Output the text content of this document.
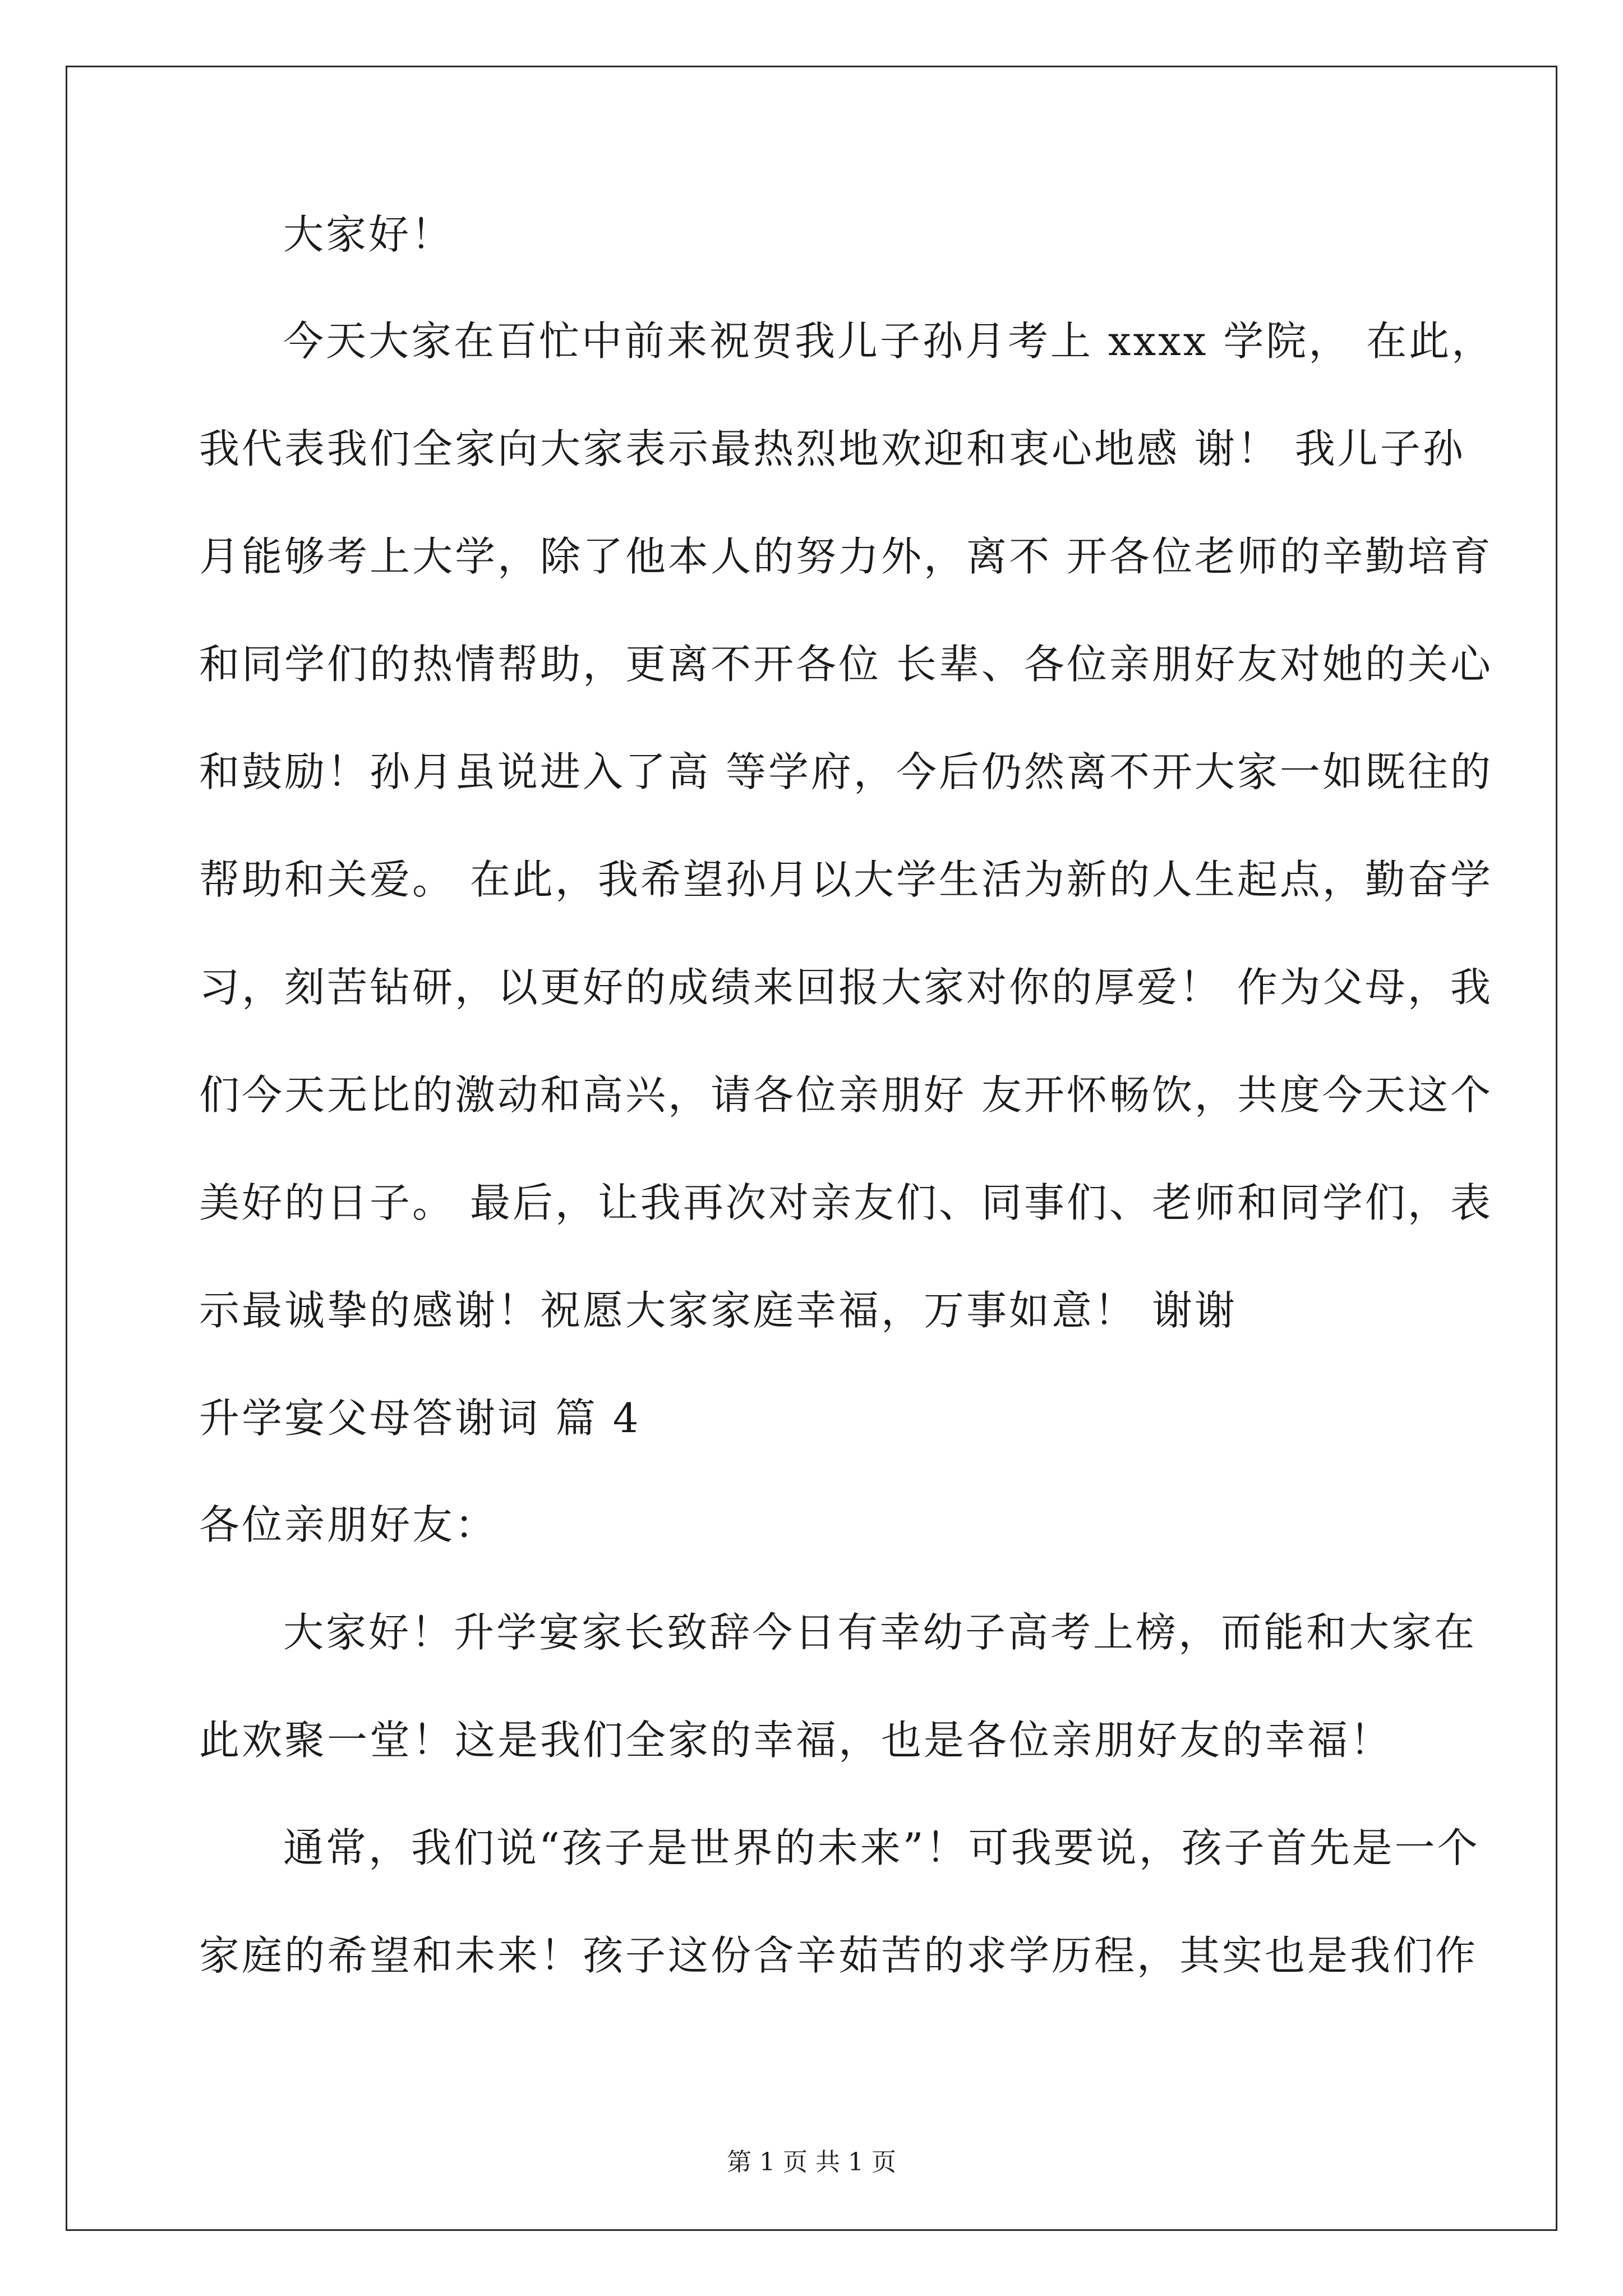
大家好！
今天大家在百忙中前来祝贺我儿子孙月考上 xxxx 学院， 在此，
我代表我们全家向大家表示最热烈地欢迎和衷心地感 谢！ 我儿子孙
月能够考上大学，除了他本人的努力外，离不 开各位老师的辛勤培育
和同学们的热情帮助，更离不开各位 长辈、各位亲朋好友对她的关心
和鼓励！孙月虽说进入了高 等学府，今后仍然离不开大家一如既往的
帮助和关爱。 在此，我希望孙月以大学生活为新的人生起点，勤奋学
习，刻苦钻研，以更好的成绩来回报大家对你的厚爱！ 作为父母，我
们今天无比的激动和高兴，请各位亲朋好 友开怀畅饮，共度今天这个
美好的日子。 最后，让我再次对亲友们、同事们、老师和同学们，表
示最诚挚的感谢！祝愿大家家庭幸福，万事如意！ 谢谢
升学宴父母答谢词 篇 4
各位亲朋好友：
大家好！升学宴家长致辞今日有幸幼子高考上榜，而能和大家在
此欢聚一堂！这是我们全家的幸福，也是各位亲朋好友的幸福！
通常，我们说“孩子是世界的未来”！可我要说，孩子首先是一个
家庭的希望和未来！孩子这份含辛茹苦的求学历程，其实也是我们作
第 1 页 共 1 页
